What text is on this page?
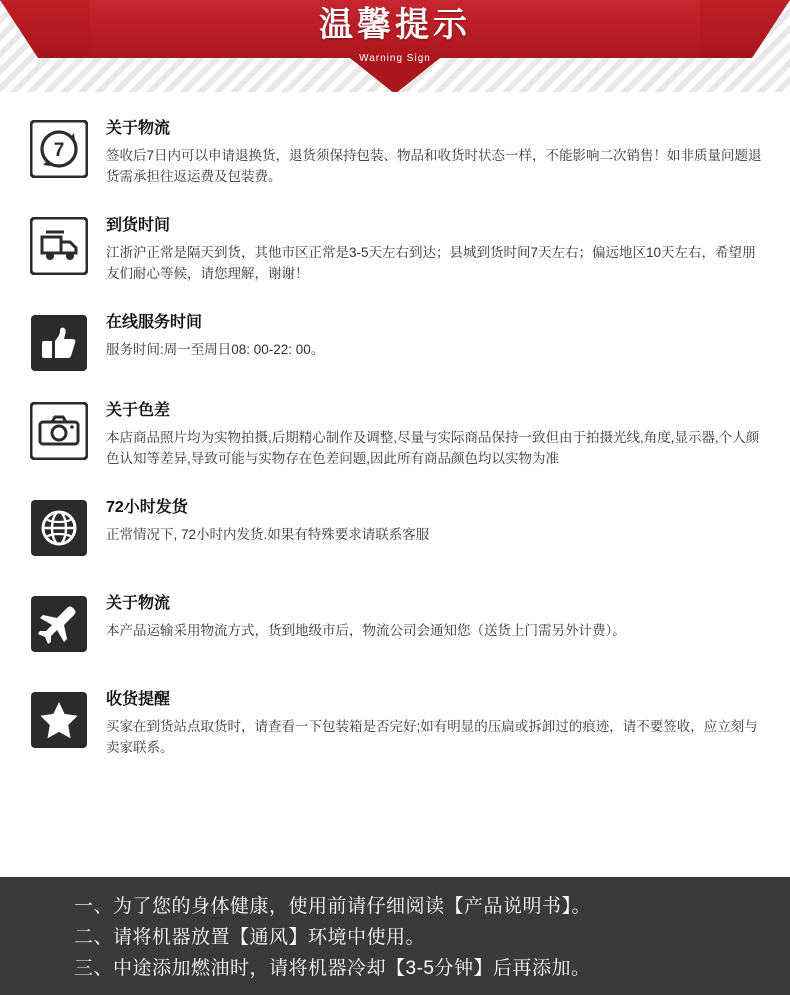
温馨提示
Warning Sign
7
关于物流
签收后7日内可以申请退换货，退货须保持包装、物品和收货时状态一样，不能影响二次销售！如非质量问题退货需承担往返运费及包装费。
到货时间
江浙沪正常是隔天到货，其他市区正常是3-5天左右到达；县城到货时间7天左右；偏远地区10天左右，希望朋友们耐心等候，请您理解，谢谢！
在线服务时间
服务时间:周一至周日08: 00-22: 00。
关于色差
本店商品照片均为实物拍摄,后期精心制作及调整,尽量与实际商品保持一致但由于拍摄光线,角度,显示器,个人颜色认知等差异,导致可能与实物存在色差问题,因此所有商品颜色均以实物为准
72小时发货
正常情况下, 72小时内发货.如果有特殊要求请联系客服
关于物流
本产品运输采用物流方式，货到地级市后，物流公司会通知您（送货上门需另外计费）。
收货提醒
买家在到货站点取货时，请查看一下包装箱是否完好;如有明显的压扁或拆卸过的痕迹，请不要签收，应立刻与卖家联系。
一、为了您的身体健康，使用前请仔细阅读【产品说明书】。
二、请将机器放置【通风】环境中使用。
三、中途添加燃油时，请将机器冷却【3-5分钟】后再添加。
